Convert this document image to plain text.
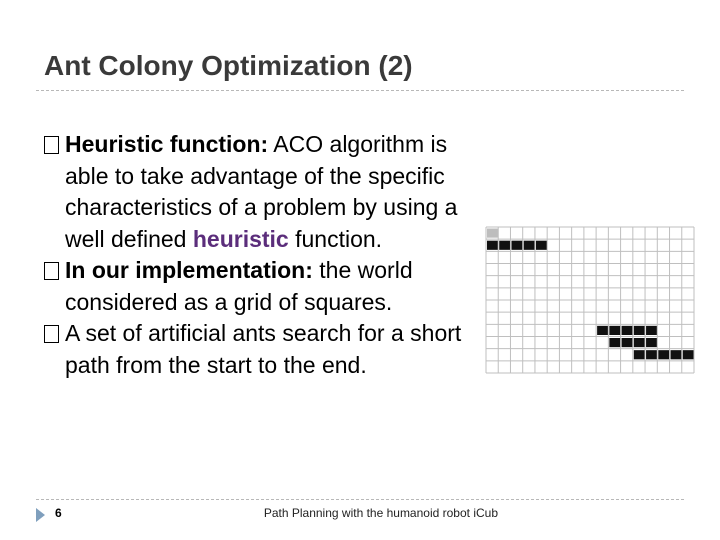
Ant Colony Optimization (2)
Heuristic function: ACO algorithm is able to take advantage of the specific characteristics of a problem by using a well defined heuristic function.
In our implementation: the world considered as a grid of squares.
A set of artificial ants search for a short path from the start to the end.
6	Path Planning with the humanoid robot iCub
